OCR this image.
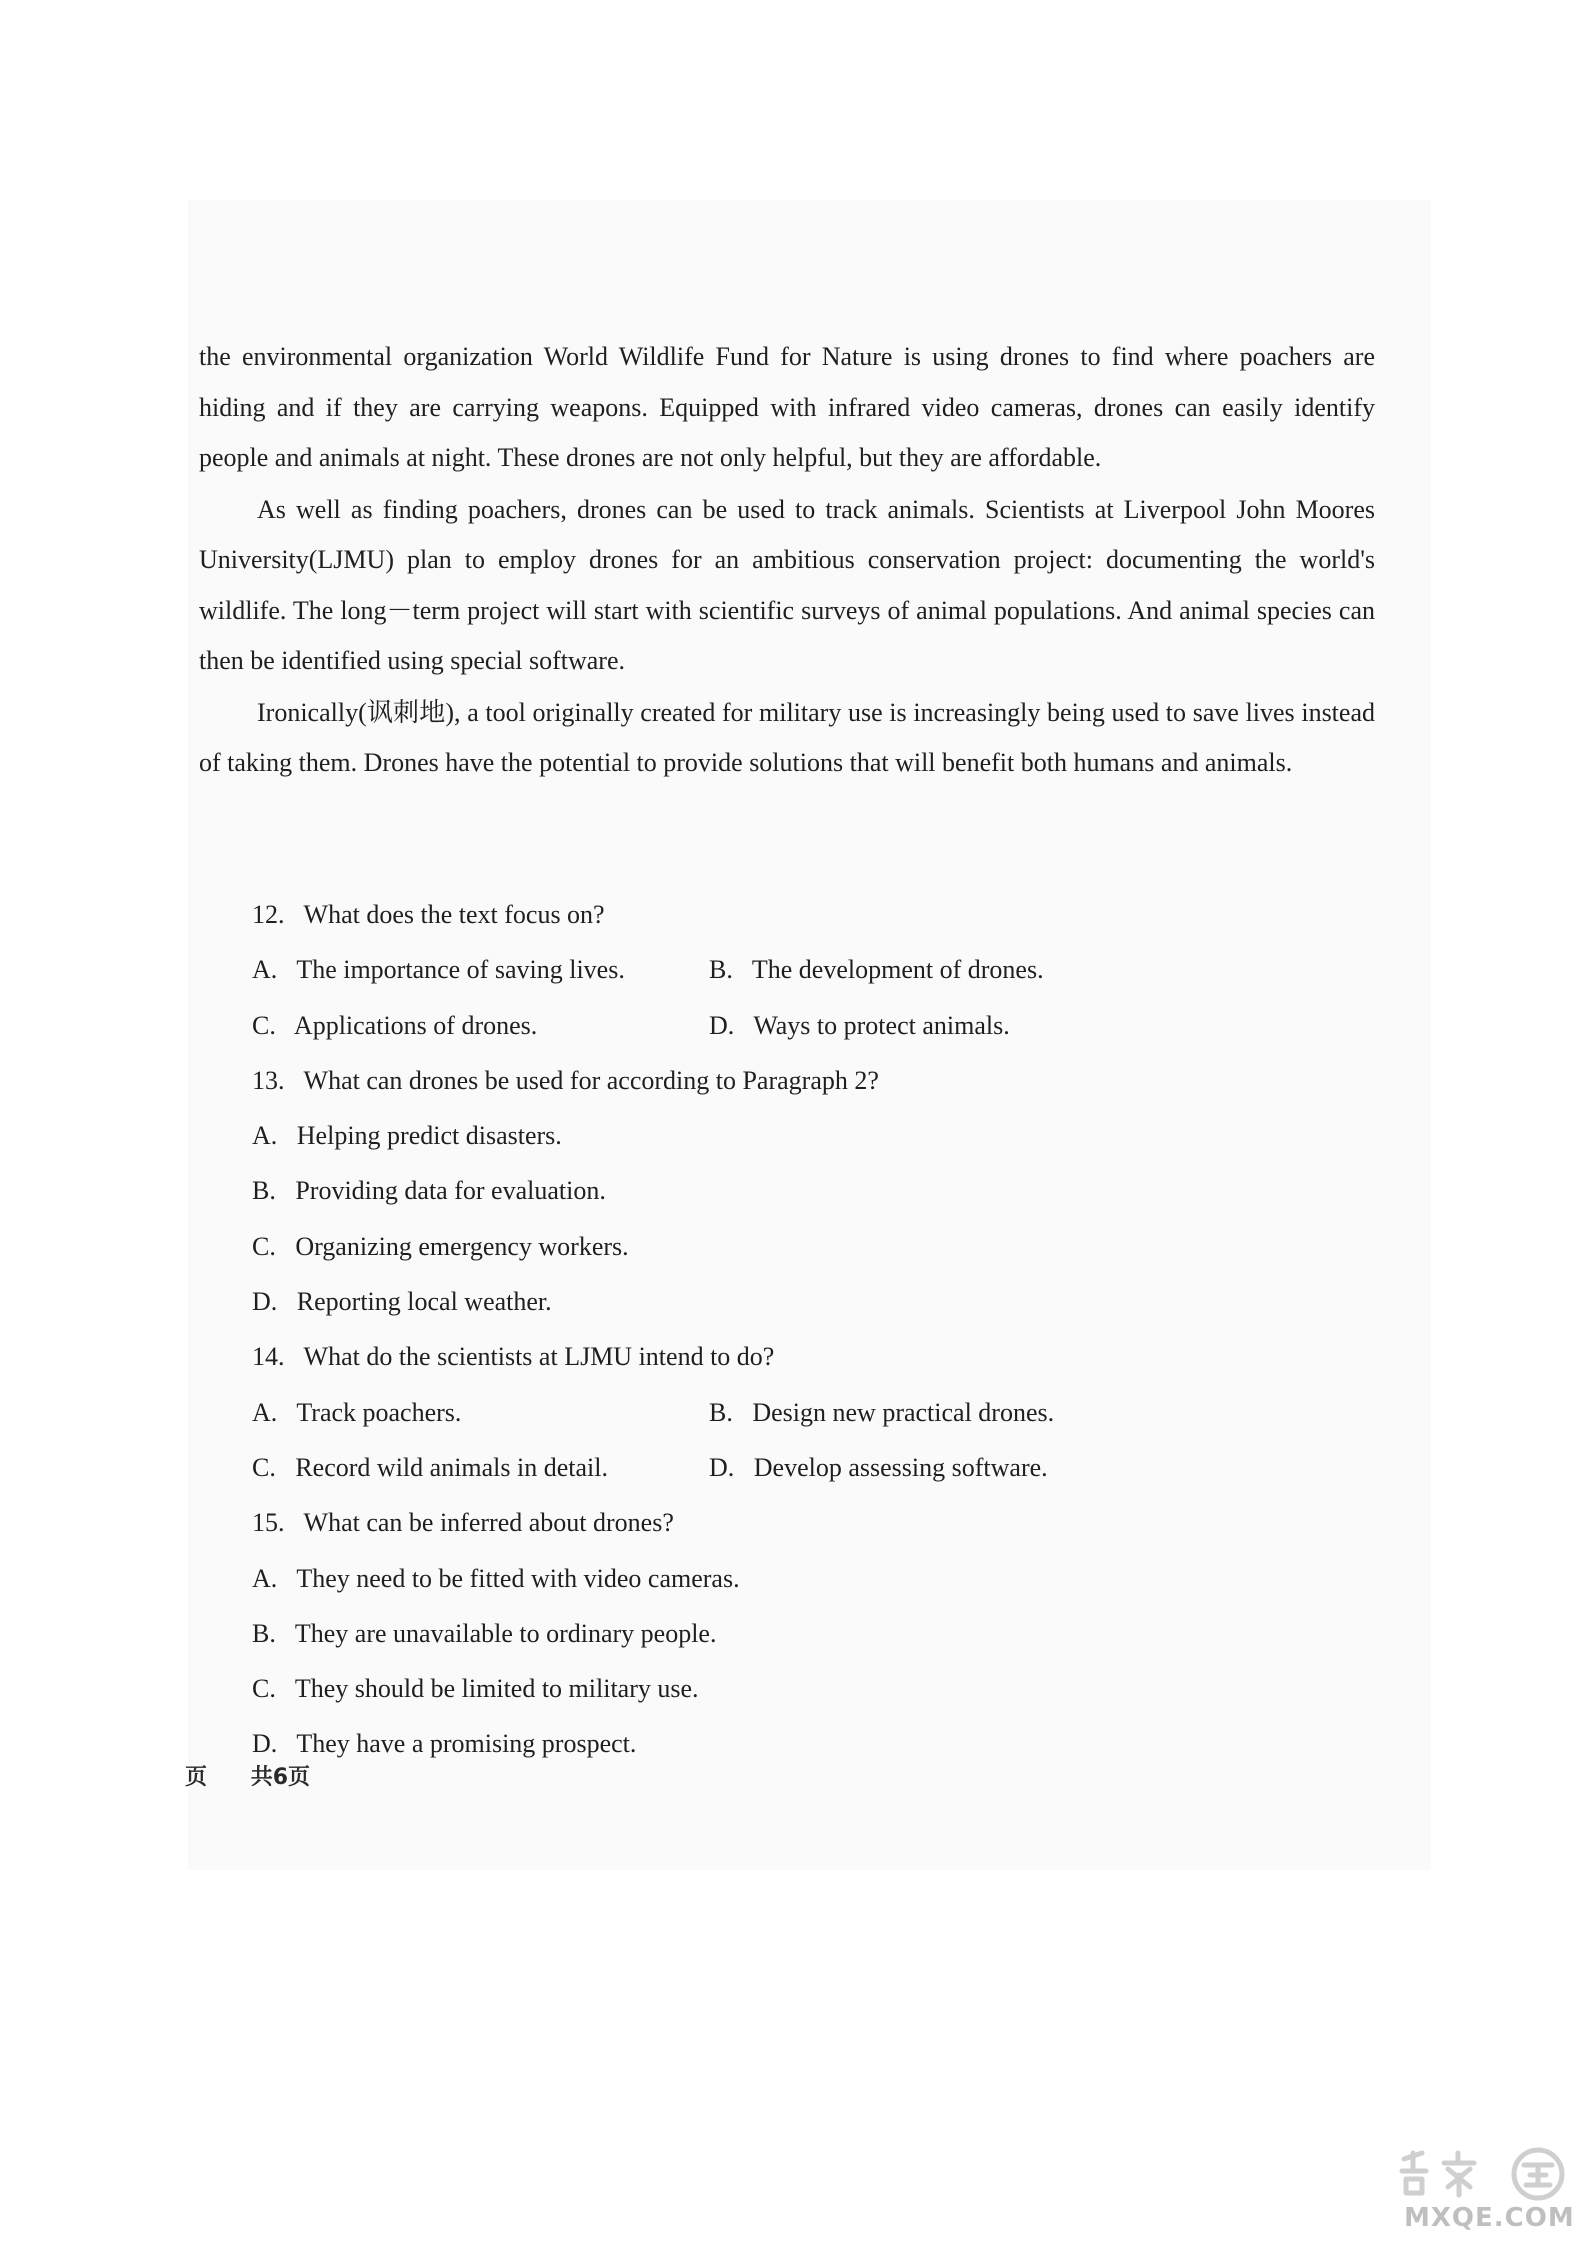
the environmental organization World Wildlife Fund for Nature is using drones to find where poachers are hiding and if they are carrying weapons. Equipped with infrared video cameras, drones can easily identify people and animals at night. These drones are not only helpful, but they are affordable.

As well as finding poachers, drones can be used to track animals. Scientists at Liverpool John Moores University(LJMU) plan to employ drones for an ambitious conservation project: documenting the world's wildlife. The long－term project will start with scientific surveys of animal populations. And animal species can then be identified using special software.

Ironically(讽刺地), a tool originally created for military use is increasingly being used to save lives instead of taking them. Drones have the potential to provide solutions that will benefit both humans and animals.

12. What does the text focus on?
A. The importance of saving lives.	B. The development of drones.
C. Applications of drones.	D. Ways to protect animals.
13. What can drones be used for according to Paragraph 2?
A. Helping predict disasters.
B. Providing data for evaluation.
C. Organizing emergency workers.
D. Reporting local weather.
14. What do the scientists at LJMU intend to do?
A. Track poachers.	B. Design new practical drones.
C. Record wild animals in detail.	D. Develop assessing software.
15. What can be inferred about drones?
A. They need to be fitted with video cameras.
B. They are unavailable to ordinary people.
C. They should be limited to military use.
D. They have a promising prospect.
页 共6页
MXQE.COM
